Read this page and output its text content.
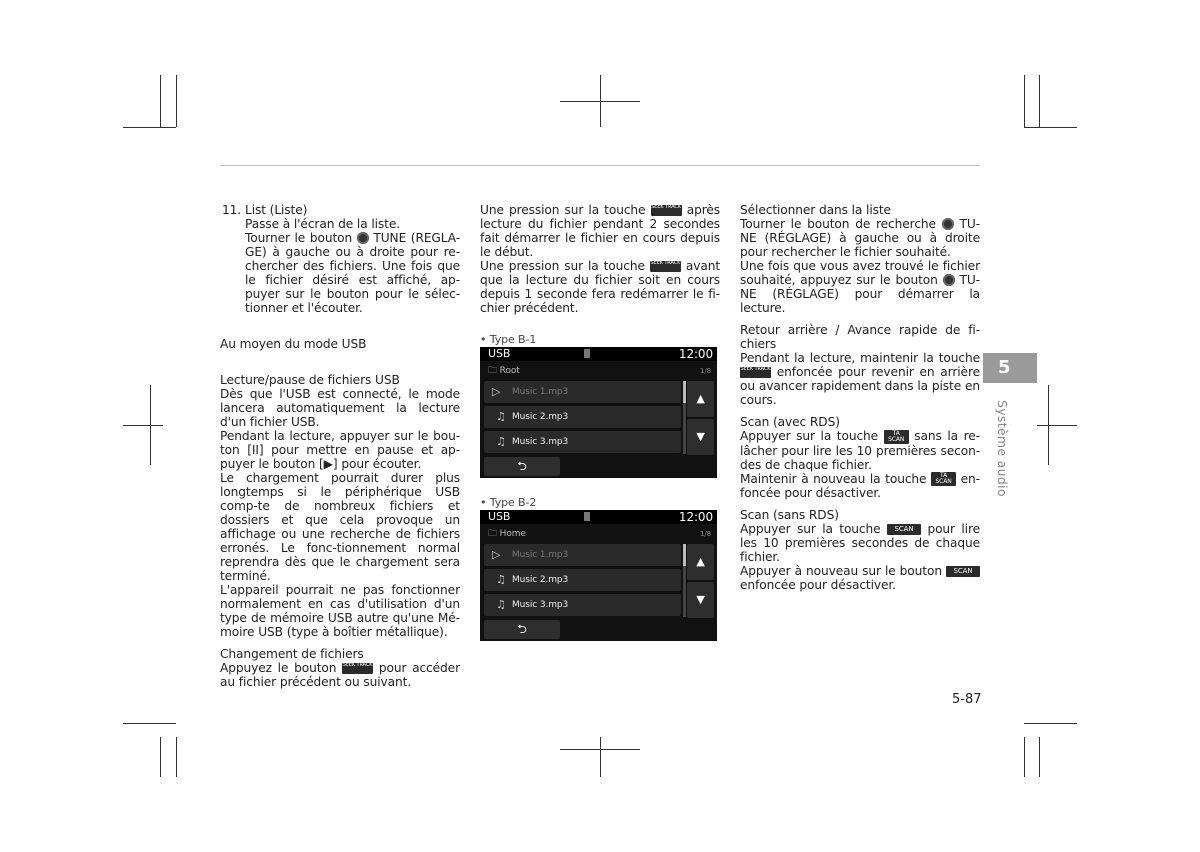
11. List (Liste)

Passe à l'écran de la liste.

Tourner le bouton TUNE (REGLA-GE) à gauche ou à droite pour re-chercher des fichiers. Une fois que le fichier désiré est affiché, ap-puyer sur le bouton pour le sélec-tionner et l'écouter.

Au moyen du mode USB

Lecture/pause de fichiers USB

Dès que l'USB est connecté, le mode lancera automatiquement la lecture d'un fichier USB.

Pendant la lecture, appuyer sur le bou-ton [II] pour mettre en pause et ap-puyer le bouton [▶] pour écouter.

Le chargement pourrait durer plus longtemps si le périphérique USB comp-te de nombreux fichiers et dossiers et que cela provoque un affichage ou une recherche de fichiers erronés. Le fonc-tionnement normal reprendra dès que le chargement sera terminé.

L'appareil pourrait ne pas fonctionner normalement en cas d'utilisation d'un type de mémoire USB autre qu'une Mé-moire USB (type à boîtier métallique).

Changement de fichiers

Appuyez le bouton SEEK TRACK pour accéder au fichier précédent ou suivant.

Une pression sur la touche SEEK TRACK après lecture du fichier pendant 2 secondes fait démarrer le fichier en cours depuis le début.

Une pression sur la touche SEEK TRACK avant que la lecture du fichier soit en cours depuis 1 seconde fera redémarrer le fi-chier précédent.

• Type B-1

USB	12:00
🗀 Root	1/8
▷ Music 1.mp3
♫ Music 2.mp3
♫ Music 3.mp3
▲
▼
⮌

• Type B-2

USB	12:00
🗀 Home	1/8
▷ Music 1.mp3
♫ Music 2.mp3
♫ Music 3.mp3
▲
▼
⮌

Sélectionner dans la liste

Tourner le bouton de recherche TU-NE (RÉGLAGE) à gauche ou à droite pour rechercher le fichier souhaité.

Une fois que vous avez trouvé le fichier souhaité, appuyez sur le bouton TU-NE (RÉGLAGE) pour démarrer la lecture.

Retour arrière / Avance rapide de fi-chiers

Pendant la lecture, maintenir la touche SEEK TRACK enfoncée pour revenir en arrière ou avancer rapidement dans la piste en cours.

Scan (avec RDS)

Appuyer sur la touche TA SCAN sans la re-lâcher pour lire les 10 premières secon-des de chaque fichier.

Maintenir à nouveau la touche TA SCAN en-foncée pour désactiver.

Scan (sans RDS)

Appuyer sur la touche SCAN pour lire les 10 premières secondes de chaque fichier.

Appuyer à nouveau sur le bouton SCAN enfoncée pour désactiver.

5
Système audio
5-87
